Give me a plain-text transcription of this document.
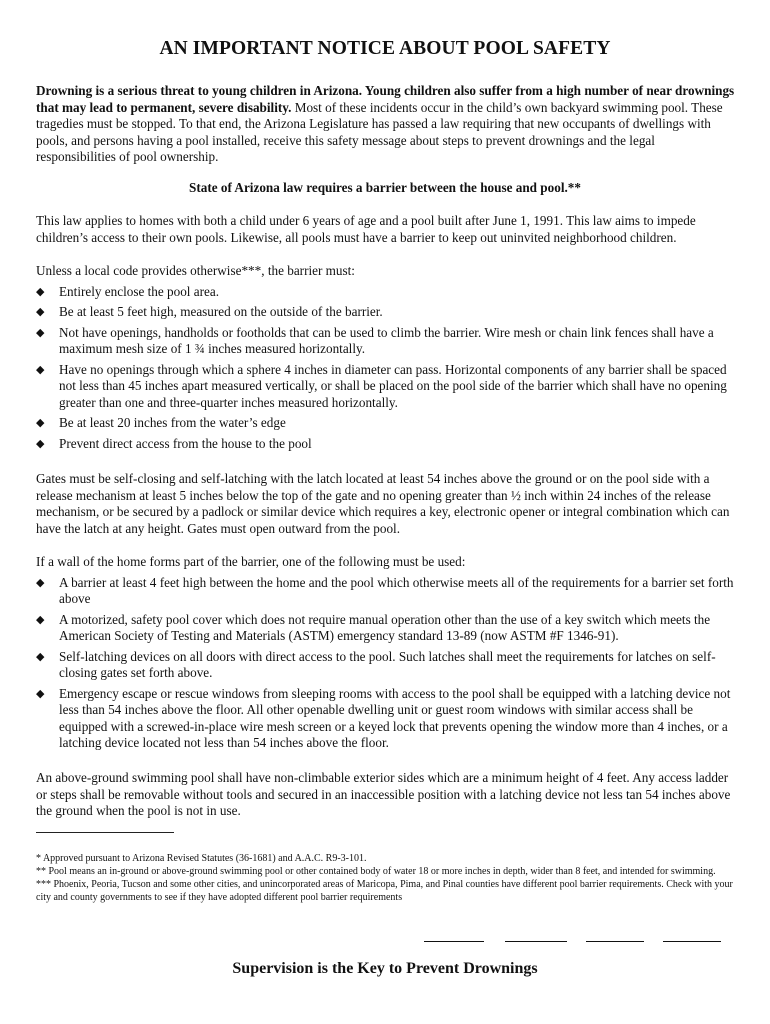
AN IMPORTANT NOTICE ABOUT POOL SAFETY
Drowning is a serious threat to young children in Arizona. Young children also suffer from a high number of near drownings that may lead to permanent, severe disability. Most of these incidents occur in the child’s own backyard swimming pool. These tragedies must be stopped. To that end, the Arizona Legislature has passed a law requiring that new occupants of dwellings with pools, and persons having a pool installed, receive this safety message about steps to prevent drownings and the legal responsibilities of pool ownership.
State of Arizona law requires a barrier between the house and pool.**
This law applies to homes with both a child under 6 years of age and a pool built after June 1, 1991. This law aims to impede children’s access to their own pools. Likewise, all pools must have a barrier to keep out uninvited neighborhood children.
Unless a local code provides otherwise***, the barrier must:
◆ Entirely enclose the pool area.
◆ Be at least 5 feet high, measured on the outside of the barrier.
◆ Not have openings, handholds or footholds that can be used to climb the barrier. Wire mesh or chain link fences shall have a maximum mesh size of 1 ¾ inches measured horizontally.
◆ Have no openings through which a sphere 4 inches in diameter can pass. Horizontal components of any barrier shall be spaced not less than 45 inches apart measured vertically, or shall be placed on the pool side of the barrier which shall have no opening greater than one and three-quarter inches measured horizontally.
◆ Be at least 20 inches from the water’s edge
◆ Prevent direct access from the house to the pool
Gates must be self-closing and self-latching with the latch located at least 54 inches above the ground or on the pool side with a release mechanism at least 5 inches below the top of the gate and no opening greater than ½ inch within 24 inches of the release mechanism, or be secured by a padlock or similar device which requires a key, electronic opener or integral combination which can have the latch at any height. Gates must open outward from the pool.
If a wall of the home forms part of the barrier, one of the following must be used:
◆ A barrier at least 4 feet high between the home and the pool which otherwise meets all of the requirements for a barrier set forth above
◆ A motorized, safety pool cover which does not require manual operation other than the use of a key switch which meets the American Society of Testing and Materials (ASTM) emergency standard 13-89 (now ASTM #F 1346-91).
◆ Self-latching devices on all doors with direct access to the pool. Such latches shall meet the requirements for latches on self-closing gates set forth above.
◆ Emergency escape or rescue windows from sleeping rooms with access to the pool shall be equipped with a latching device not less than 54 inches above the floor. All other openable dwelling unit or guest room windows with similar access shall be equipped with a screwed-in-place wire mesh screen or a keyed lock that prevents opening the window more than 4 inches, or a latching device located not less than 54 inches above the floor.
An above-ground swimming pool shall have non-climbable exterior sides which are a minimum height of 4 feet. Any access ladder or steps shall be removable without tools and secured in an inaccessible position with a latching device not less tan 54 inches above the ground when the pool is not in use.
* Approved pursuant to Arizona Revised Statutes (36-1681) and A.A.C. R9-3-101.
** Pool means an in-ground or above-ground swimming pool or other contained body of water 18 or more inches in depth, wider than 8 feet, and intended for swimming.
*** Phoenix, Peoria, Tucson and some other cities, and unincorporated areas of Maricopa, Pima, and Pinal counties have different pool barrier requirements. Check with your city and county governments to see if they have adopted different pool barrier requirements
Supervision is the Key to Prevent Drownings
